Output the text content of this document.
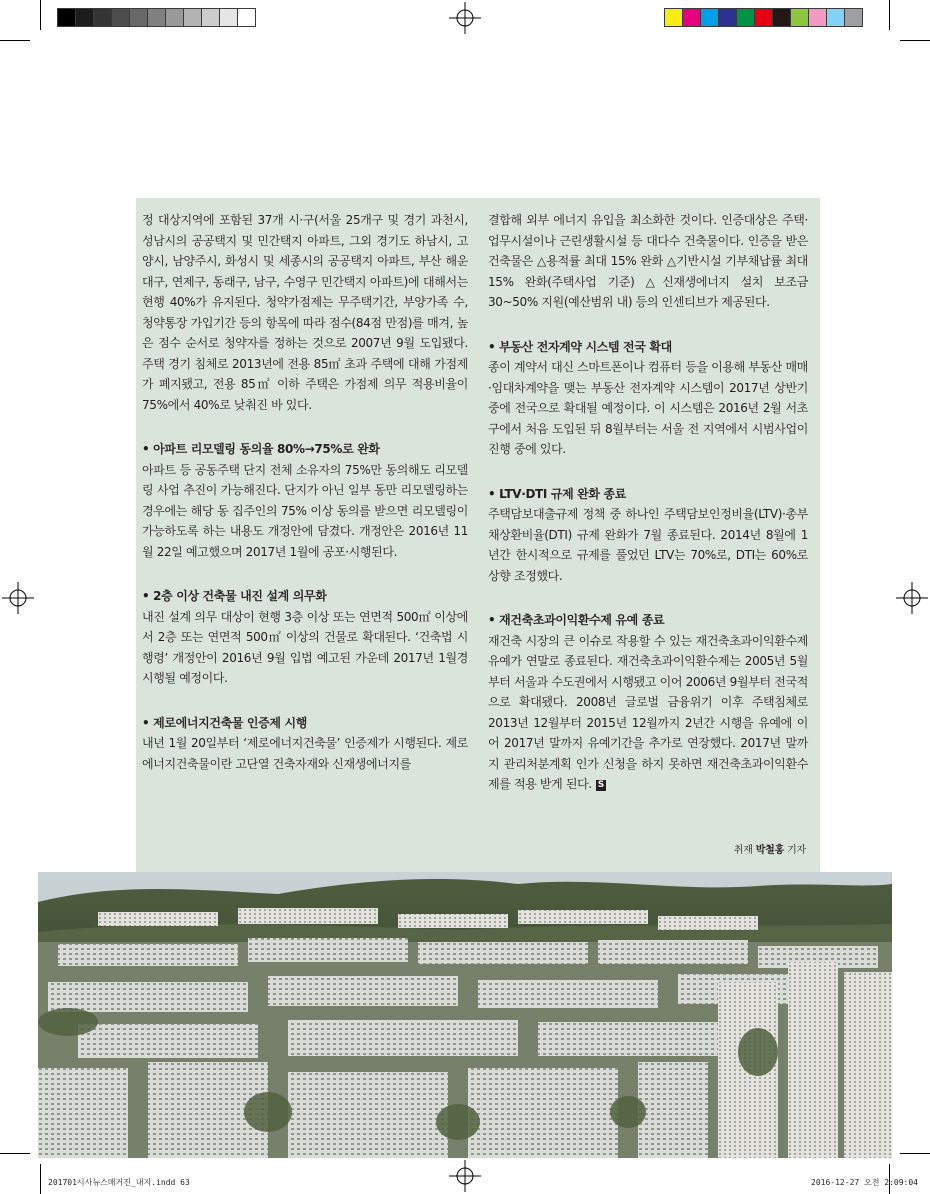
정 대상지역에 포함된 37개 시·구(서울 25개구 및 경기 과천시, 성남시의 공공택지 및 민간택지 아파트, 그외 경기도 하남시, 고양시, 남양주시, 화성시 및 세종시의 공공택지 아파트, 부산 해운대구, 연제구, 동래구, 남구, 수영구 민간택지 아파트)에 대해서는 현행 40%가 유지된다. 청약가점제는 무주택기간, 부양가족 수, 청약통장 가입기간 등의 항목에 따라 점수(84점 만점)를 매겨, 높은 점수 순서로 청약자를 정하는 것으로 2007년 9월 도입됐다. 주택 경기 침체로 2013년에 전용 85㎡ 초과 주택에 대해 가점제가 폐지됐고, 전용 85㎡ 이하 주택은 가점제 의무 적용비율이 75%에서 40%로 낮춰진 바 있다.

• 아파트 리모델링 동의율 80%→75%로 완화

아파트 등 공동주택 단지 전체 소유자의 75%만 동의해도 리모델링 사업 추진이 가능해진다. 단지가 아닌 일부 동만 리모델링하는 경우에는 해당 동 집주인의 75% 이상 동의를 받으면 리모델링이 가능하도록 하는 내용도 개정안에 담겼다. 개정안은 2016년 11월 22일 예고했으며 2017년 1월에 공포·시행된다.

• 2층 이상 건축물 내진 설계 의무화

내진 설계 의무 대상이 현행 3층 이상 또는 연면적 500㎡ 이상에서 2층 또는 연면적 500㎡ 이상의 건물로 확대된다. ‘건축법 시행령’ 개정안이 2016년 9월 입법 예고된 가운데 2017년 1월경 시행될 예정이다.

• 제로에너지건축물 인증제 시행

내년 1월 20일부터 ‘제로에너지건축물’ 인증제가 시행된다. 제로에너지건축물이란 고단열 건축자재와 신재생에너지를

결합해 외부 에너지 유입을 최소화한 것이다. 인증대상은 주택·업무시설이나 근린생활시설 등 대다수 건축물이다. 인증을 받은 건축물은 △용적률 최대 15% 완화 △기반시설 기부채납률 최대 15% 완화(주택사업 기준) △신재생에너지 설치 보조금 30~50% 지원(예산범위 내) 등의 인센티브가 제공된다.

• 부동산 전자계약 시스템 전국 확대

종이 계약서 대신 스마트폰이나 컴퓨터 등을 이용해 부동산 매매·임대차계약을 맺는 부동산 전자계약 시스템이 2017년 상반기 중에 전국으로 확대될 예정이다. 이 시스템은 2016년 2월 서초구에서 처음 도입된 뒤 8월부터는 서울 전 지역에서 시범사업이 진행 중에 있다.

• LTV·DTI 규제 완화 종료

주택담보대출규제 정책 중 하나인 주택담보인정비율(LTV)·총부채상환비율(DTI) 규제 완화가 7월 종료된다. 2014년 8월에 1년간 한시적으로 규제를 풀었던 LTV는 70%로, DTI는 60%로 상향 조정했다.

• 재건축초과이익환수제 유예 종료

재건축 시장의 큰 이슈로 작용할 수 있는 재건축초과이익환수제 유예가 연말로 종료된다. 재건축초과이익환수제는 2005년 5월부터 서울과 수도권에서 시행됐고 이어 2006년 9월부터 전국적으로 확대됐다. 2008년 글로벌 금융위기 이후 주택침체로 2013년 12월부터 2015년 12월까지 2년간 시행을 유예에 이어 2017년 말까지 유예기간을 추가로 연장했다. 2017년 말까지 관리처분계획 인가 신청을 하지 못하면 재건축초과이익환수제를 적용 받게 된다. S

취재 박철홍 기자
201701시사뉴스매거진_내지.indd 63	2016-12-27 오전 2:09:04
